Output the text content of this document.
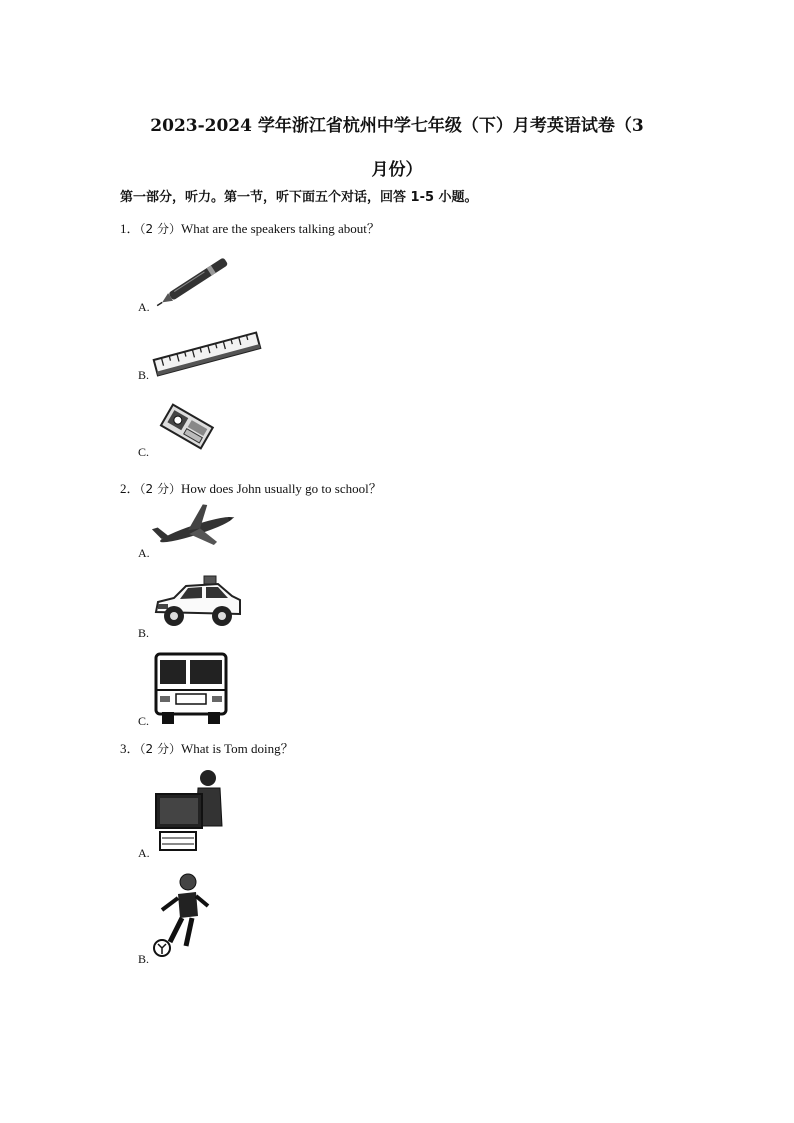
2023-2024 学年浙江省杭州中学七年级（下）月考英语试卷（3
月份）
第一部分，听力。第一节，听下面五个对话，回答 1-5 小题。
1．（2 分）What are the speakers talking about？
A.
B.
C.
2．（2 分）How does John usually go to school？
A.
B.
C.
3．（2 分）What is Tom doing？
A.
B.
